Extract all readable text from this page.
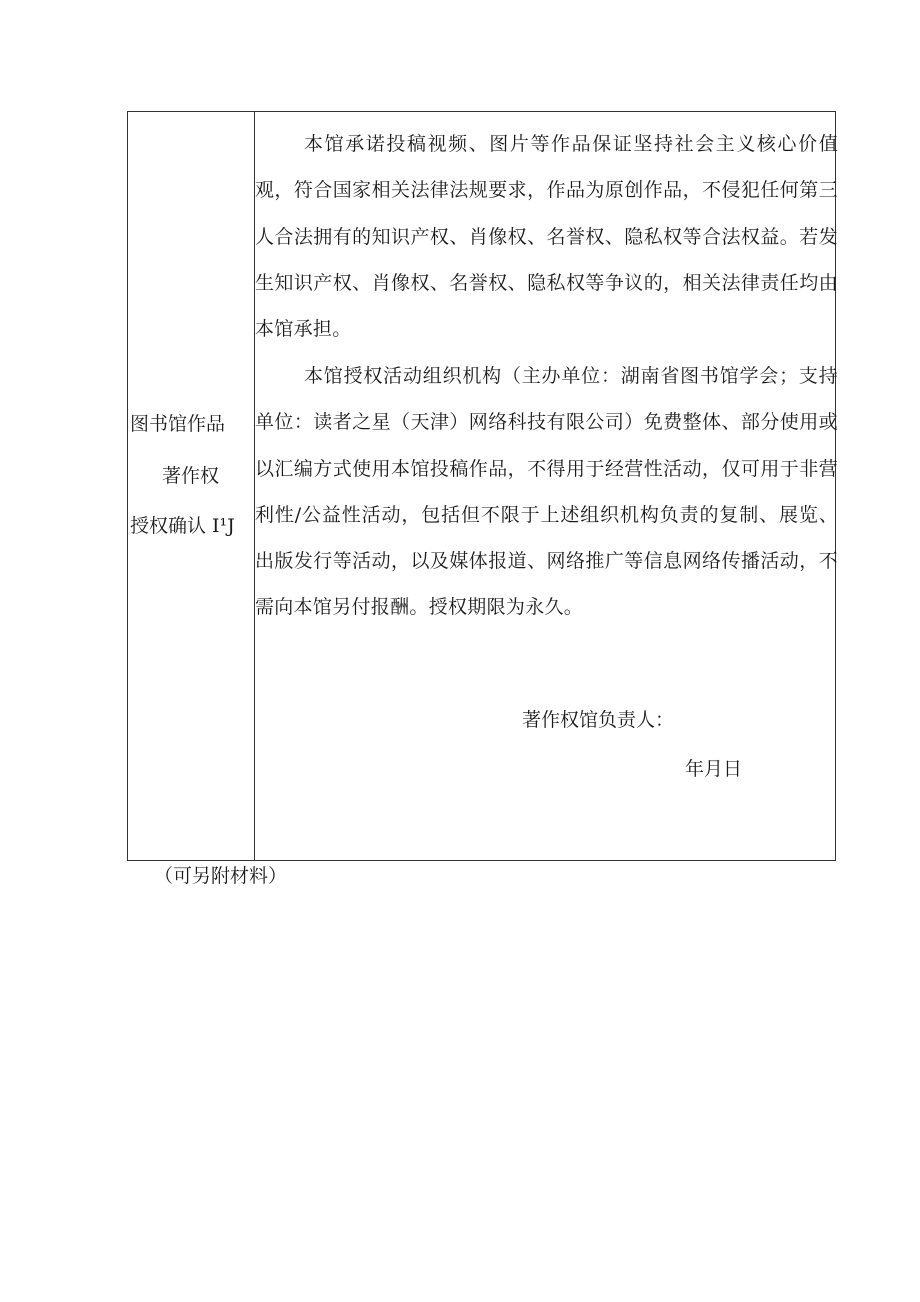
图书馆作品
著作权
授权确认 I¹J

本馆承诺投稿视频、图片等作品保证坚持社会主义核心价值观，符合国家相关法律法规要求，作品为原创作品，不侵犯任何第三人合法拥有的知识产权、肖像权、名誉权、隐私权等合法权益。若发生知识产权、肖像权、名誉权、隐私权等争议的，相关法律责任均由本馆承担。

本馆授权活动组织机构（主办单位：湖南省图书馆学会；支持单位：读者之星（天津）网络科技有限公司）免费整体、部分使用或以汇编方式使用本馆投稿作品，不得用于经营性活动，仅可用于非营利性/公益性活动，包括但不限于上述组织机构负责的复制、展览、出版发行等活动，以及媒体报道、网络推广等信息网络传播活动，不需向本馆另付报酬。授权期限为永久。

著作权馆负责人：
年月日
（可另附材料）
